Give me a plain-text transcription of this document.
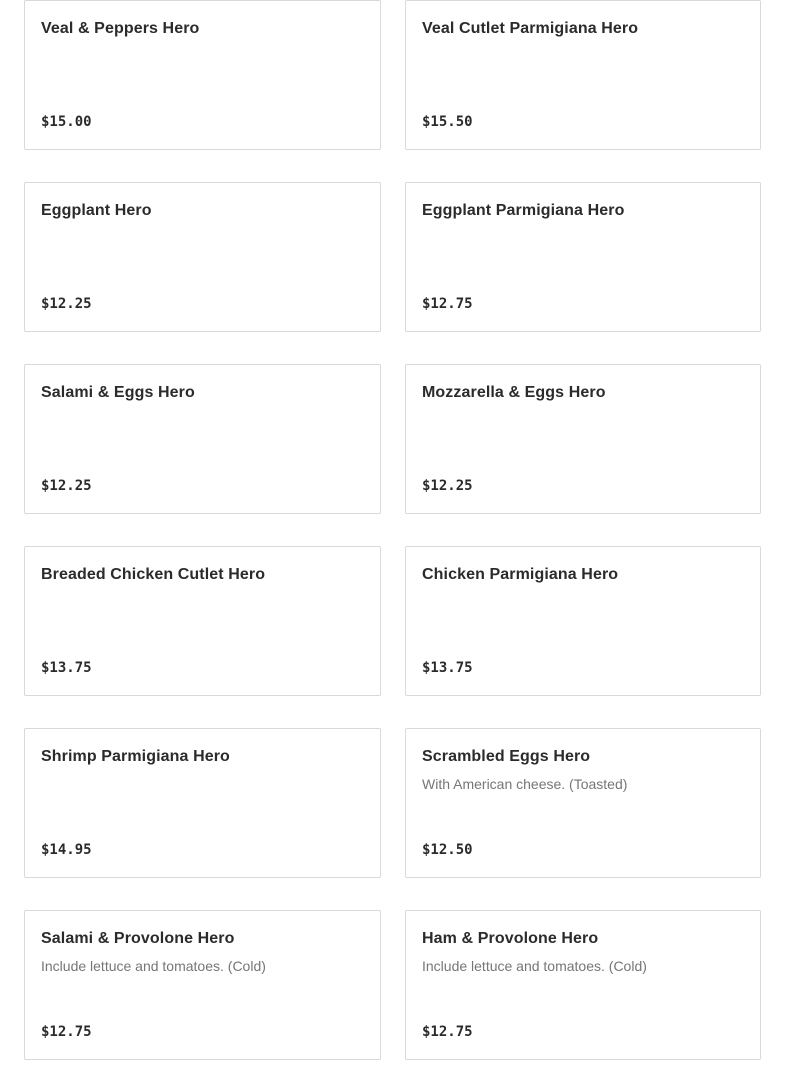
Veal & Peppers Hero
$15.00
Veal Cutlet Parmigiana Hero
$15.50
Eggplant Hero
$12.25
Eggplant Parmigiana Hero
$12.75
Salami & Eggs Hero
$12.25
Mozzarella & Eggs Hero
$12.25
Breaded Chicken Cutlet Hero
$13.75
Chicken Parmigiana Hero
$13.75
Shrimp Parmigiana Hero
$14.95
Scrambled Eggs Hero
With American cheese. (Toasted)
$12.50
Salami & Provolone Hero
Include lettuce and tomatoes. (Cold)
$12.75
Ham & Provolone Hero
Include lettuce and tomatoes. (Cold)
$12.75
